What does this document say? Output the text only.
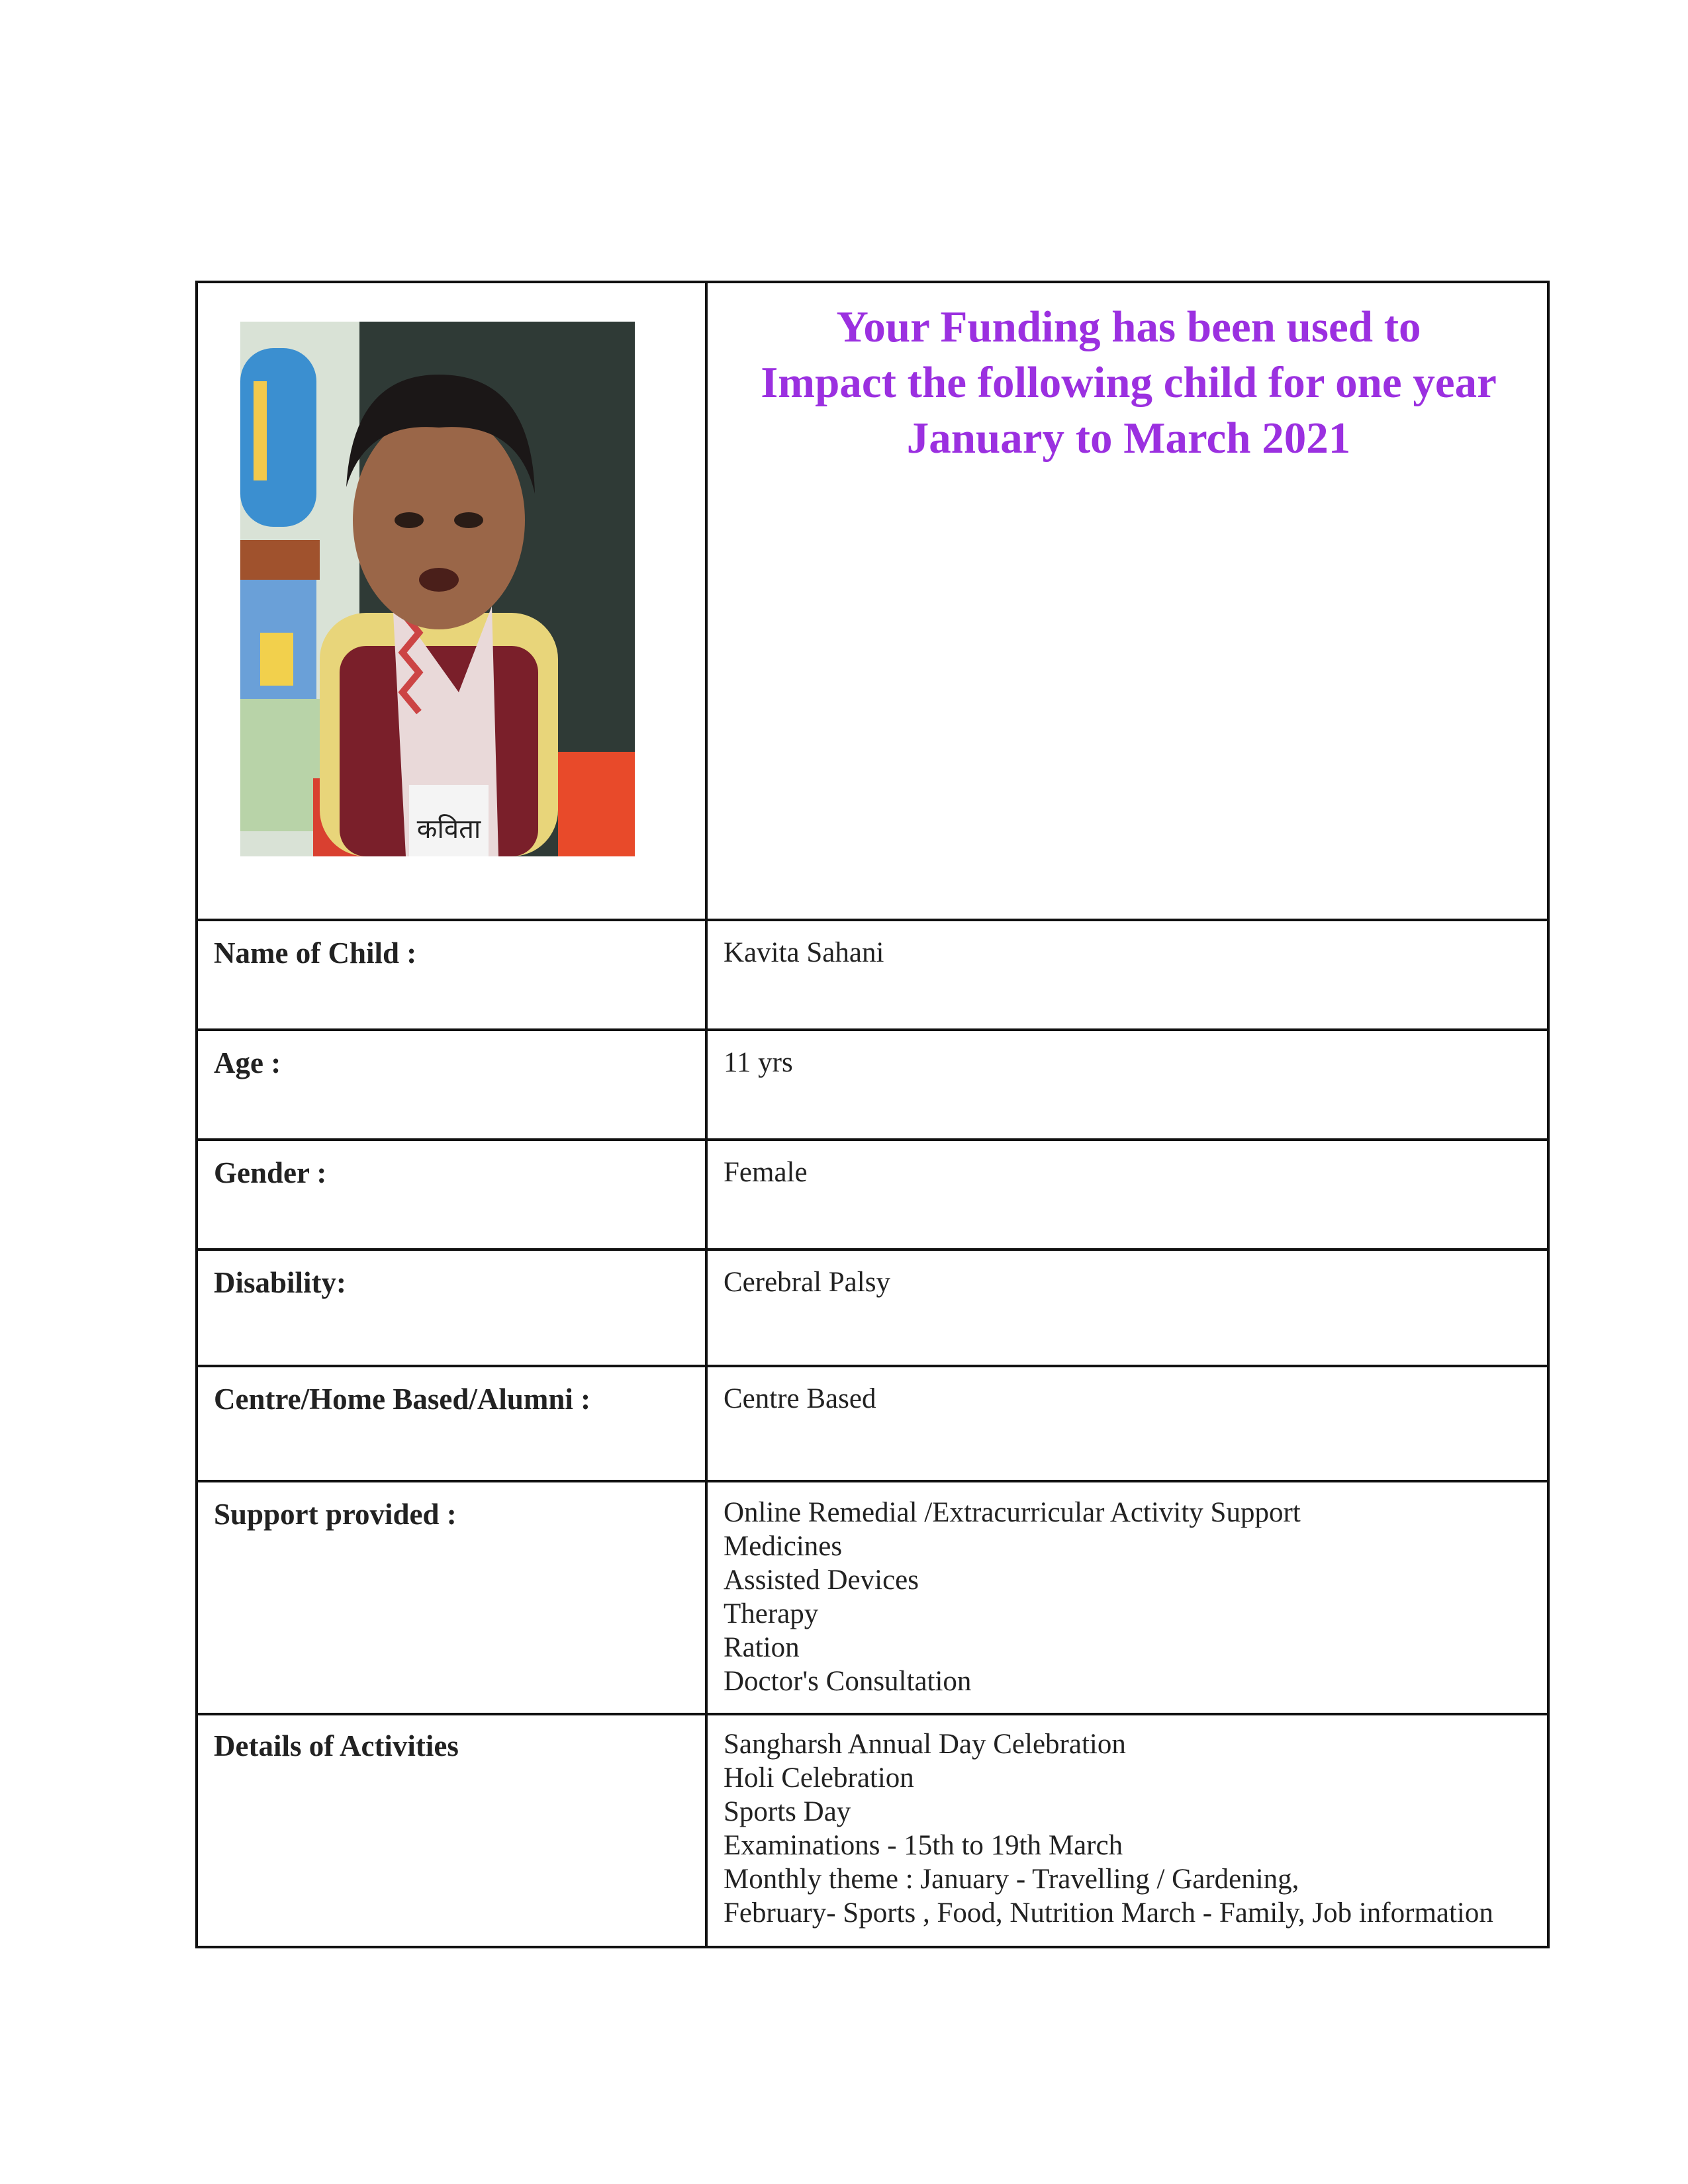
कविता
Your Funding has been used to
Impact the following child for one year
January to March 2021
Name of Child :	Kavita Sahani
Age :	11 yrs
Gender :	Female
Disability:	Cerebral Palsy
Centre/Home Based/Alumni :	Centre Based
Support provided :	Online Remedial /Extracurricular Activity Support
Medicines
Assisted Devices
Therapy
Ration
Doctor's Consultation
Details of Activities	Sangharsh Annual Day Celebration
Holi Celebration
Sports Day
Examinations - 15th to 19th March
Monthly theme : January - Travelling / Gardening,
February- Sports , Food, Nutrition March - Family, Job information
